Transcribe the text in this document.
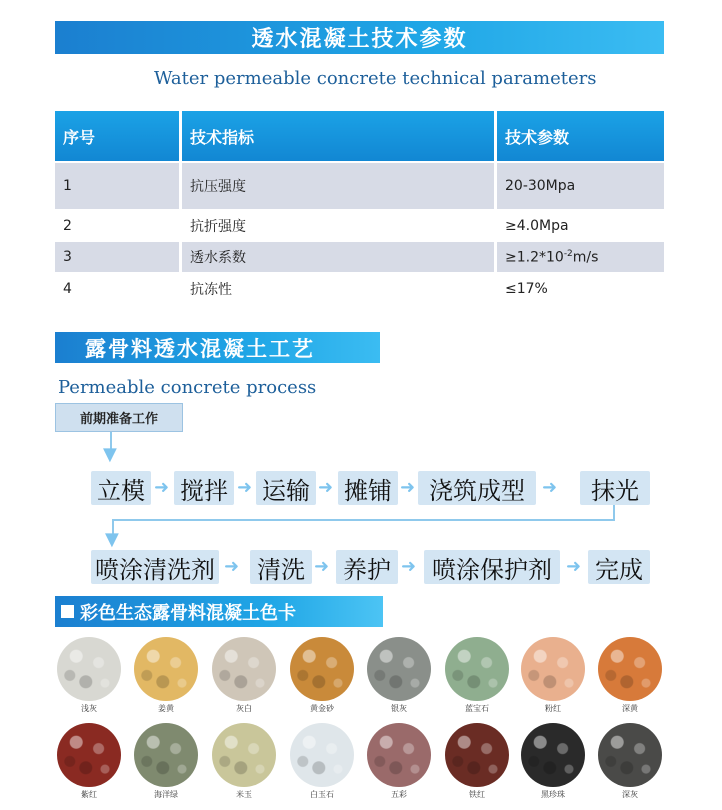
透水混凝土技术参数
Water permeable concrete technical parameters
序号	技术指标	技术参数
1	抗压强度	20-30Mpa
2	抗折强度	≥4.0Mpa
3	透水系数	$\ge 1.2*10^{-2}m/s$
4	抗冻性	≤17%
露骨料透水混凝土工艺
Permeable concrete process
前期准备工作
▼
立模 ➜ 搅拌 ➜ 运输 ➜ 摊铺 ➜ 浇筑成型 ➜	抹光
▼
喷涂清洗剂 ➜ 清洗 ➜ 养护 ➜ 喷涂保护剂 ➜ 完成
彩色生态露骨料混凝土色卡
浅灰	姜黄	灰白	黄金砂	银灰	蓝宝石	粉红	深黄
紫红	海洋绿	米玉	白玉石	五彩	铁红	黑珍珠	深灰
